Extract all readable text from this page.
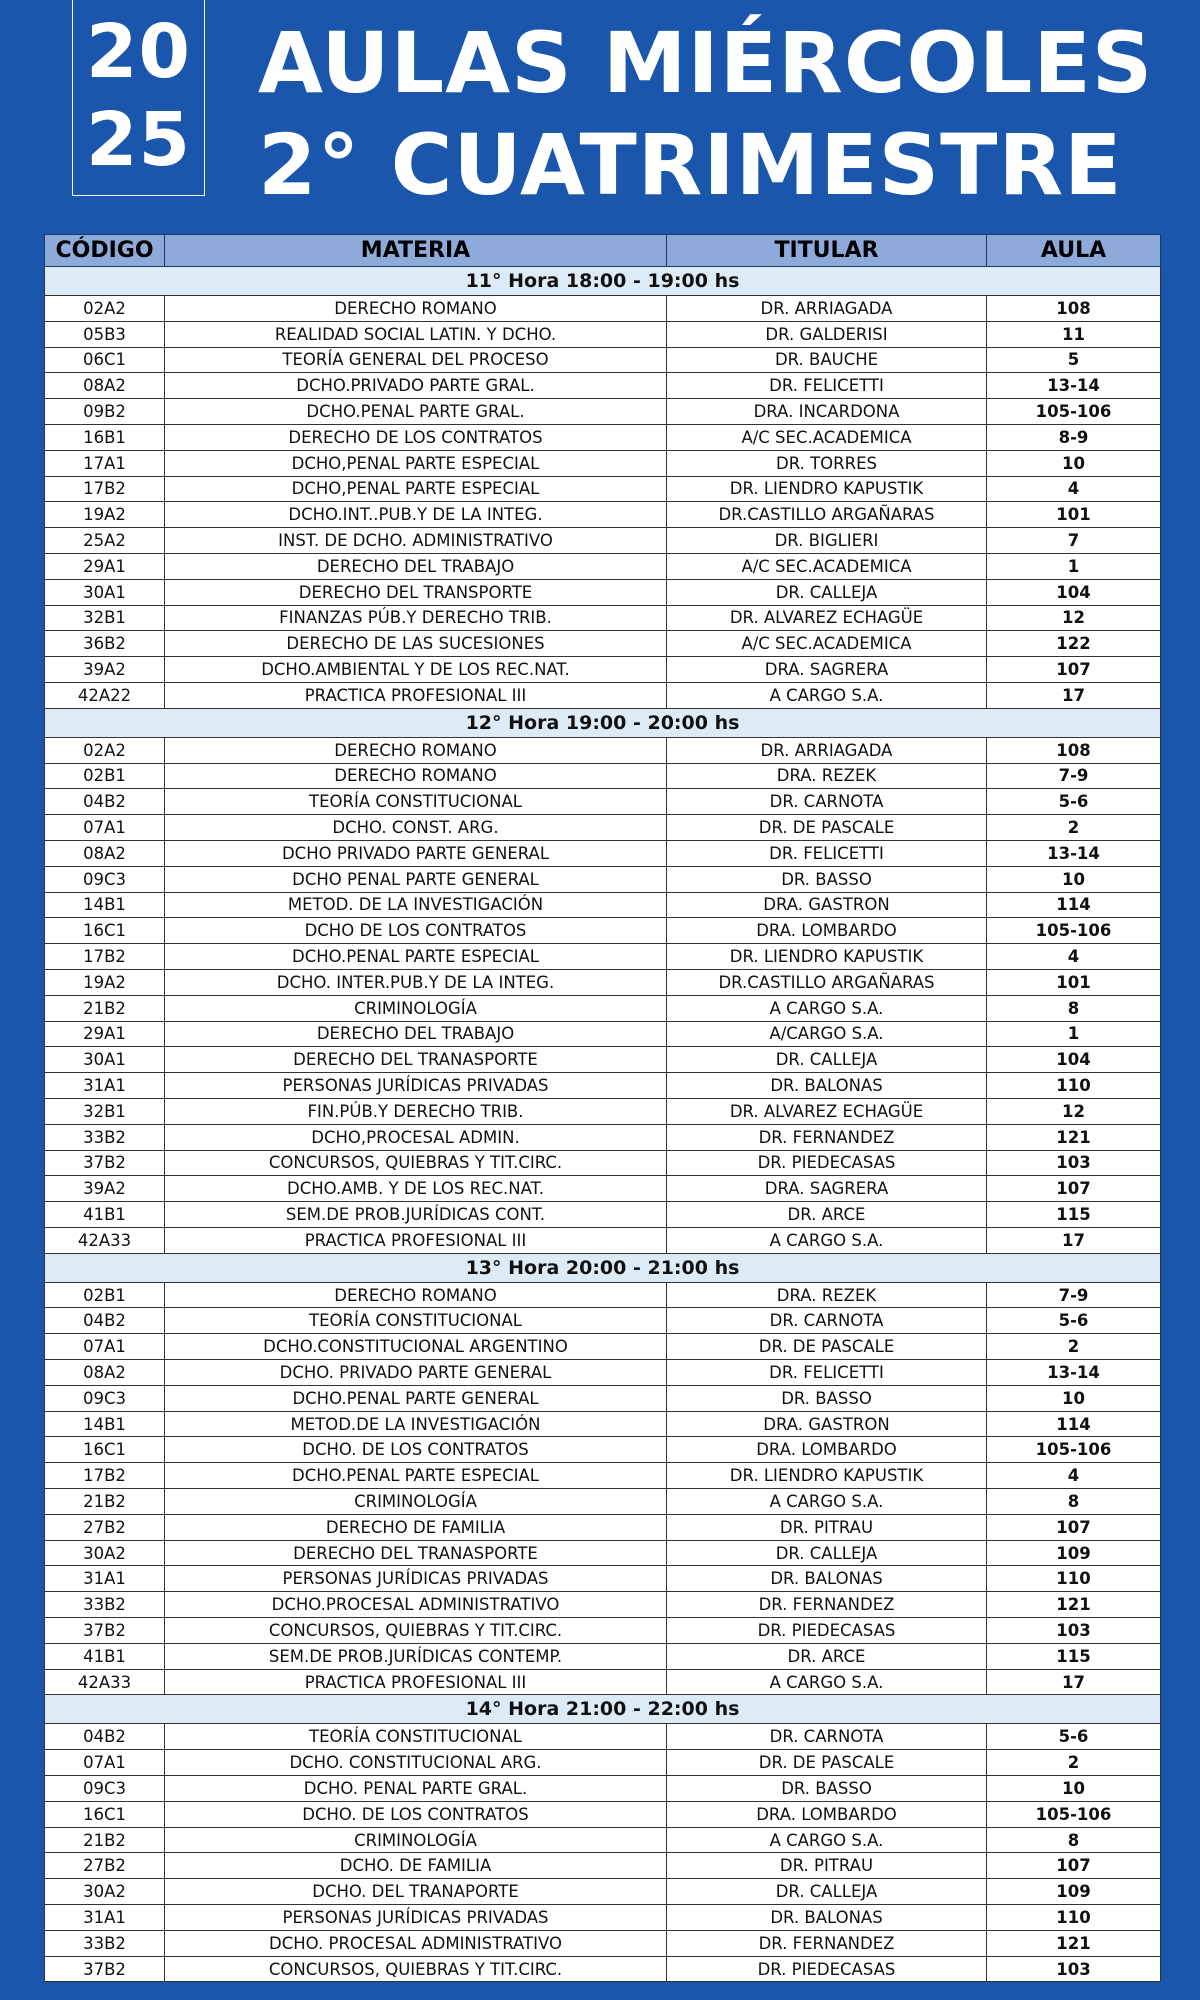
20
25
AULAS MIÉRCOLES
2° CUATRIMESTRE
CÓDIGO	MATERIA	TITULAR	AULA
11° Hora 18:00 - 19:00 hs			
02A2	DERECHO ROMANO	DR. ARRIAGADA	108
05B3	REALIDAD SOCIAL LATIN. Y DCHO.	DR. GALDERISI	11
06C1	TEORÍA GENERAL DEL PROCESO	DR. BAUCHE	5
08A2	DCHO.PRIVADO PARTE GRAL.	DR. FELICETTI	13-14
09B2	DCHO.PENAL PARTE GRAL.	DRA. INCARDONA	105-106
16B1	DERECHO DE LOS CONTRATOS	A/C SEC.ACADEMICA	8-9
17A1	DCHO,PENAL PARTE ESPECIAL	DR. TORRES	10
17B2	DCHO,PENAL PARTE ESPECIAL	DR. LIENDRO KAPUSTIK	4
19A2	DCHO.INT..PUB.Y DE LA INTEG.	DR.CASTILLO ARGAÑARAS	101
25A2	INST. DE DCHO. ADMINISTRATIVO	DR. BIGLIERI	7
29A1	DERECHO DEL TRABAJO	A/C SEC.ACADEMICA	1
30A1	DERECHO DEL TRANSPORTE	DR. CALLEJA	104
32B1	FINANZAS PÚB.Y DERECHO TRIB.	DR. ALVAREZ ECHAGÜE	12
36B2	DERECHO DE LAS SUCESIONES	A/C SEC.ACADEMICA	122
39A2	DCHO.AMBIENTAL Y DE LOS REC.NAT.	DRA. SAGRERA	107
42A22	PRACTICA PROFESIONAL III	A CARGO S.A.	17
12° Hora 19:00 - 20:00 hs			
02A2	DERECHO ROMANO	DR. ARRIAGADA	108
02B1	DERECHO ROMANO	DRA. REZEK	7-9
04B2	TEORÍA CONSTITUCIONAL	DR. CARNOTA	5-6
07A1	DCHO. CONST. ARG.	DR. DE PASCALE	2
08A2	DCHO PRIVADO PARTE GENERAL	DR. FELICETTI	13-14
09C3	DCHO PENAL PARTE GENERAL	DR. BASSO	10
14B1	METOD. DE LA INVESTIGACIÓN	DRA. GASTRON	114
16C1	DCHO DE LOS CONTRATOS	DRA. LOMBARDO	105-106
17B2	DCHO.PENAL PARTE ESPECIAL	DR. LIENDRO KAPUSTIK	4
19A2	DCHO. INTER.PUB.Y DE LA INTEG.	DR.CASTILLO ARGAÑARAS	101
21B2	CRIMINOLOGÍA	A CARGO S.A.	8
29A1	DERECHO DEL TRABAJO	A/CARGO S.A.	1
30A1	DERECHO DEL TRANASPORTE	DR. CALLEJA	104
31A1	PERSONAS JURÍDICAS PRIVADAS	DR. BALONAS	110
32B1	FIN.PÚB.Y DERECHO TRIB.	DR. ALVAREZ ECHAGÜE	12
33B2	DCHO,PROCESAL ADMIN.	DR. FERNANDEZ	121
37B2	CONCURSOS, QUIEBRAS Y TIT.CIRC.	DR. PIEDECASAS	103
39A2	DCHO.AMB. Y DE LOS REC.NAT.	DRA. SAGRERA	107
41B1	SEM.DE PROB.JURÍDICAS CONT.	DR. ARCE	115
42A33	PRACTICA PROFESIONAL III	A CARGO S.A.	17
13° Hora 20:00 - 21:00 hs			
02B1	DERECHO ROMANO	DRA. REZEK	7-9
04B2	TEORÍA CONSTITUCIONAL	DR. CARNOTA	5-6
07A1	DCHO.CONSTITUCIONAL ARGENTINO	DR. DE PASCALE	2
08A2	DCHO. PRIVADO PARTE GENERAL	DR. FELICETTI	13-14
09C3	DCHO.PENAL PARTE GENERAL	DR. BASSO	10
14B1	METOD.DE LA INVESTIGACIÓN	DRA. GASTRON	114
16C1	DCHO. DE LOS CONTRATOS	DRA. LOMBARDO	105-106
17B2	DCHO.PENAL PARTE ESPECIAL	DR. LIENDRO KAPUSTIK	4
21B2	CRIMINOLOGÍA	A CARGO S.A.	8
27B2	DERECHO DE FAMILIA	DR. PITRAU	107
30A2	DERECHO DEL TRANASPORTE	DR. CALLEJA	109
31A1	PERSONAS JURÍDICAS PRIVADAS	DR. BALONAS	110
33B2	DCHO.PROCESAL ADMINISTRATIVO	DR. FERNANDEZ	121
37B2	CONCURSOS, QUIEBRAS Y TIT.CIRC.	DR. PIEDECASAS	103
41B1	SEM.DE PROB.JURÍDICAS CONTEMP.	DR. ARCE	115
42A33	PRACTICA PROFESIONAL III	A CARGO S.A.	17
14° Hora 21:00 - 22:00 hs			
04B2	TEORÍA CONSTITUCIONAL	DR. CARNOTA	5-6
07A1	DCHO. CONSTITUCIONAL ARG.	DR. DE PASCALE	2
09C3	DCHO. PENAL PARTE GRAL.	DR. BASSO	10
16C1	DCHO. DE LOS CONTRATOS	DRA. LOMBARDO	105-106
21B2	CRIMINOLOGÍA	A CARGO S.A.	8
27B2	DCHO. DE FAMILIA	DR. PITRAU	107
30A2	DCHO. DEL TRANAPORTE	DR. CALLEJA	109
31A1	PERSONAS JURÍDICAS PRIVADAS	DR. BALONAS	110
33B2	DCHO. PROCESAL ADMINISTRATIVO	DR. FERNANDEZ	121
37B2	CONCURSOS, QUIEBRAS Y TIT.CIRC.	DR. PIEDECASAS	103
